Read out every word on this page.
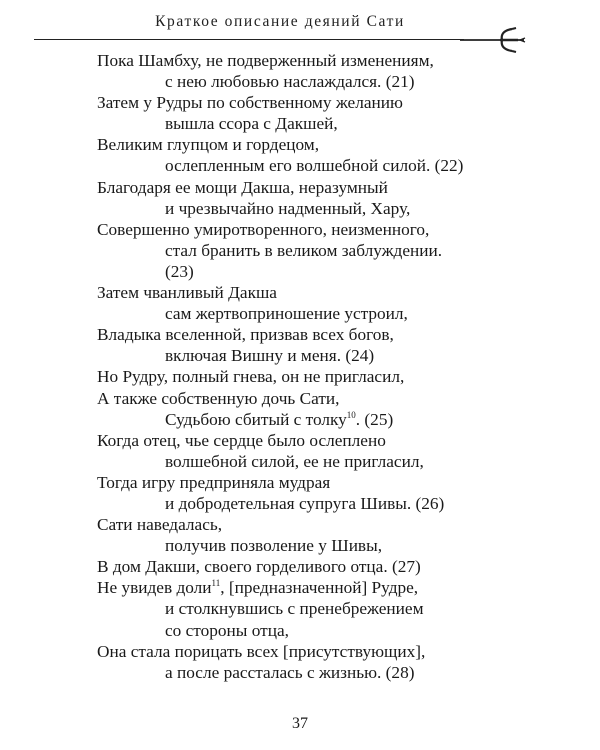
Краткое описание деяний Сати
Пока Шамбху, не подверженный изменениям,
с нею любовью наслаждался. (21)
Затем у Рудры по собственному желанию
вышла ссора с Дакшей,
Великим глупцом и гордецом,
ослепленным его волшебной силой. (22)
Благодаря ее мощи Дакша, неразумный
и чрезвычайно надменный, Хару,
Совершенно умиротворенного, неизменного,
стал бранить в великом заблуждении.
(23)
Затем чванливый Дакша
сам жертвоприношение устроил,
Владыка вселенной, призвав всех богов,
включая Вишну и меня. (24)
Но Рудру, полный гнева, он не пригласил,
А также собственную дочь Сати,
Судьбою сбитый с толку$^{10}$. (25)
Когда отец, чье сердце было ослеплено
волшебной силой, ее не пригласил,
Тогда игру предприняла мудрая
и добродетельная супруга Шивы. (26)
Сати наведалась,
получив позволение у Шивы,
В дом Дакши, своего горделивого отца. (27)
Не увидев доли$^{11}$, [предназначенной] Рудре,
и столкнувшись с пренебрежением
со стороны отца,
Она стала порицать всех [присутствующих],
а после рассталась с жизнью. (28)
37
